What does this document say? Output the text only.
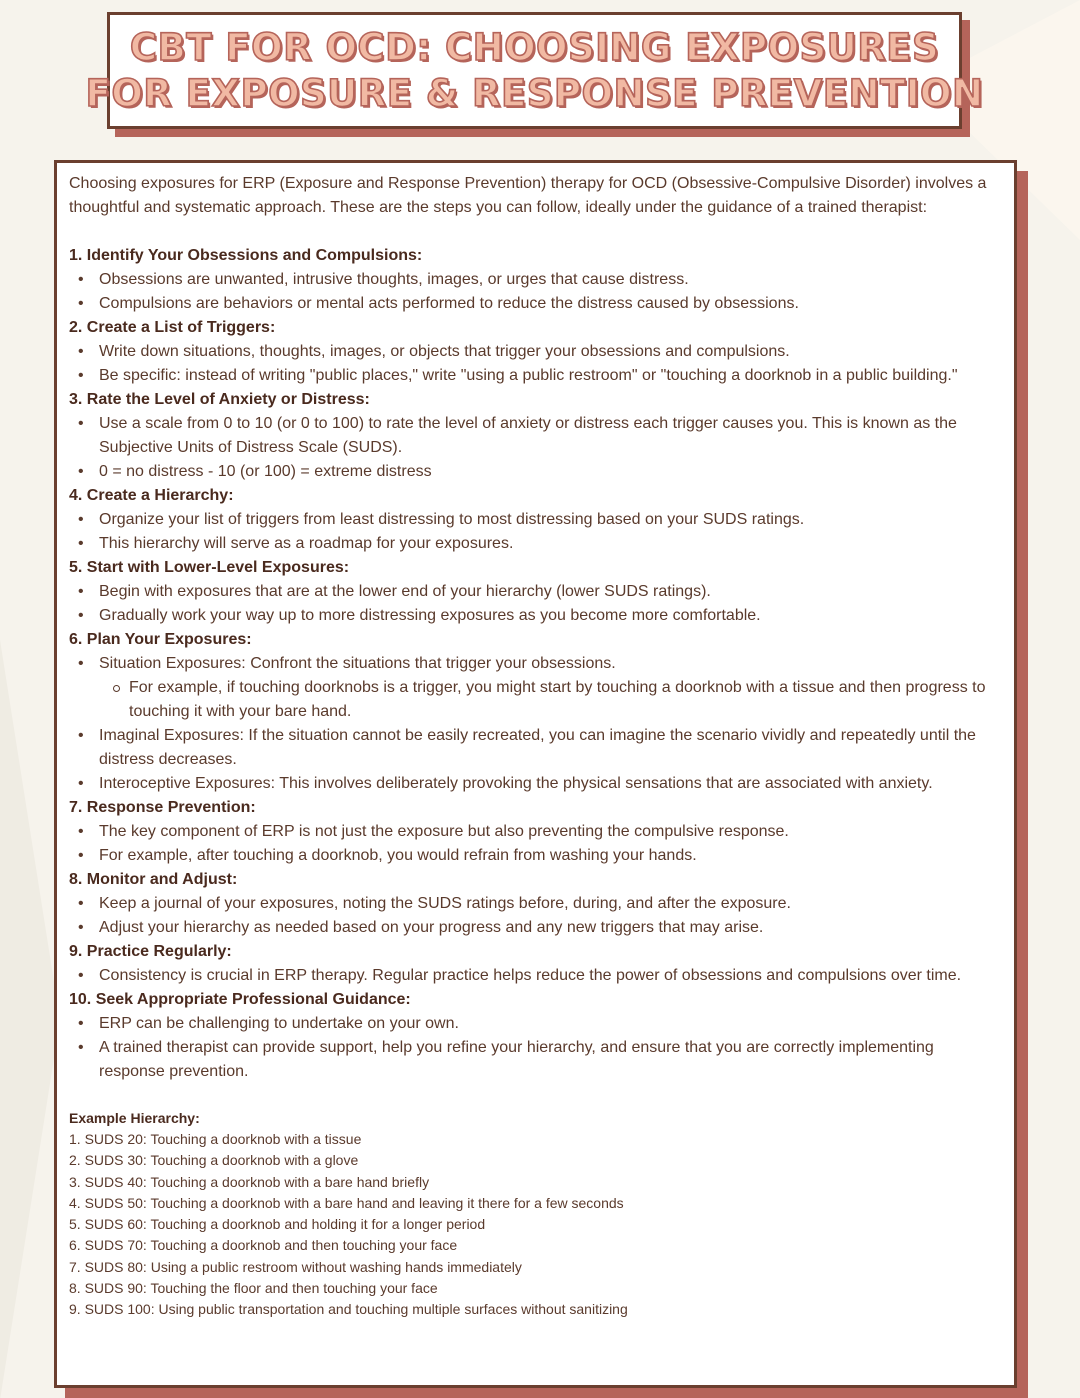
CBT FOR OCD: CHOOSING EXPOSURES
FOR EXPOSURE & RESPONSE PREVENTION

Choosing exposures for ERP (Exposure and Response Prevention) therapy for OCD (Obsessive-Compulsive Disorder) involves a thoughtful and systematic approach. These are the steps you can follow, ideally under the guidance of a trained therapist:

1. Identify Your Obsessions and Compulsions:
• Obsessions are unwanted, intrusive thoughts, images, or urges that cause distress.
• Compulsions are behaviors or mental acts performed to reduce the distress caused by obsessions.
2. Create a List of Triggers:
• Write down situations, thoughts, images, or objects that trigger your obsessions and compulsions.
• Be specific: instead of writing "public places," write "using a public restroom" or "touching a doorknob in a public building."
3. Rate the Level of Anxiety or Distress:
• Use a scale from 0 to 10 (or 0 to 100) to rate the level of anxiety or distress each trigger causes you. This is known as the Subjective Units of Distress Scale (SUDS).
• 0 = no distress - 10 (or 100) = extreme distress
4. Create a Hierarchy:
• Organize your list of triggers from least distressing to most distressing based on your SUDS ratings.
• This hierarchy will serve as a roadmap for your exposures.
5. Start with Lower-Level Exposures:
• Begin with exposures that are at the lower end of your hierarchy (lower SUDS ratings).
• Gradually work your way up to more distressing exposures as you become more comfortable.
6. Plan Your Exposures:
• Situation Exposures: Confront the situations that trigger your obsessions.
For example, if touching doorknobs is a trigger, you might start by touching a doorknob with a tissue and then progress to touching it with your bare hand.
• Imaginal Exposures: If the situation cannot be easily recreated, you can imagine the scenario vividly and repeatedly until the distress decreases.
• Interoceptive Exposures: This involves deliberately provoking the physical sensations that are associated with anxiety.
7. Response Prevention:
• The key component of ERP is not just the exposure but also preventing the compulsive response.
• For example, after touching a doorknob, you would refrain from washing your hands.
8. Monitor and Adjust:
• Keep a journal of your exposures, noting the SUDS ratings before, during, and after the exposure.
• Adjust your hierarchy as needed based on your progress and any new triggers that may arise.
9. Practice Regularly:
• Consistency is crucial in ERP therapy. Regular practice helps reduce the power of obsessions and compulsions over time.
10. Seek Appropriate Professional Guidance:
• ERP can be challenging to undertake on your own.
• A trained therapist can provide support, help you refine your hierarchy, and ensure that you are correctly implementing response prevention.
Example Hierarchy:
1. SUDS 20: Touching a doorknob with a tissue
2. SUDS 30: Touching a doorknob with a glove
3. SUDS 40: Touching a doorknob with a bare hand briefly
4. SUDS 50: Touching a doorknob with a bare hand and leaving it there for a few seconds
5. SUDS 60: Touching a doorknob and holding it for a longer period
6. SUDS 70: Touching a doorknob and then touching your face
7. SUDS 80: Using a public restroom without washing hands immediately
8. SUDS 90: Touching the floor and then touching your face
9. SUDS 100: Using public transportation and touching multiple surfaces without sanitizing
